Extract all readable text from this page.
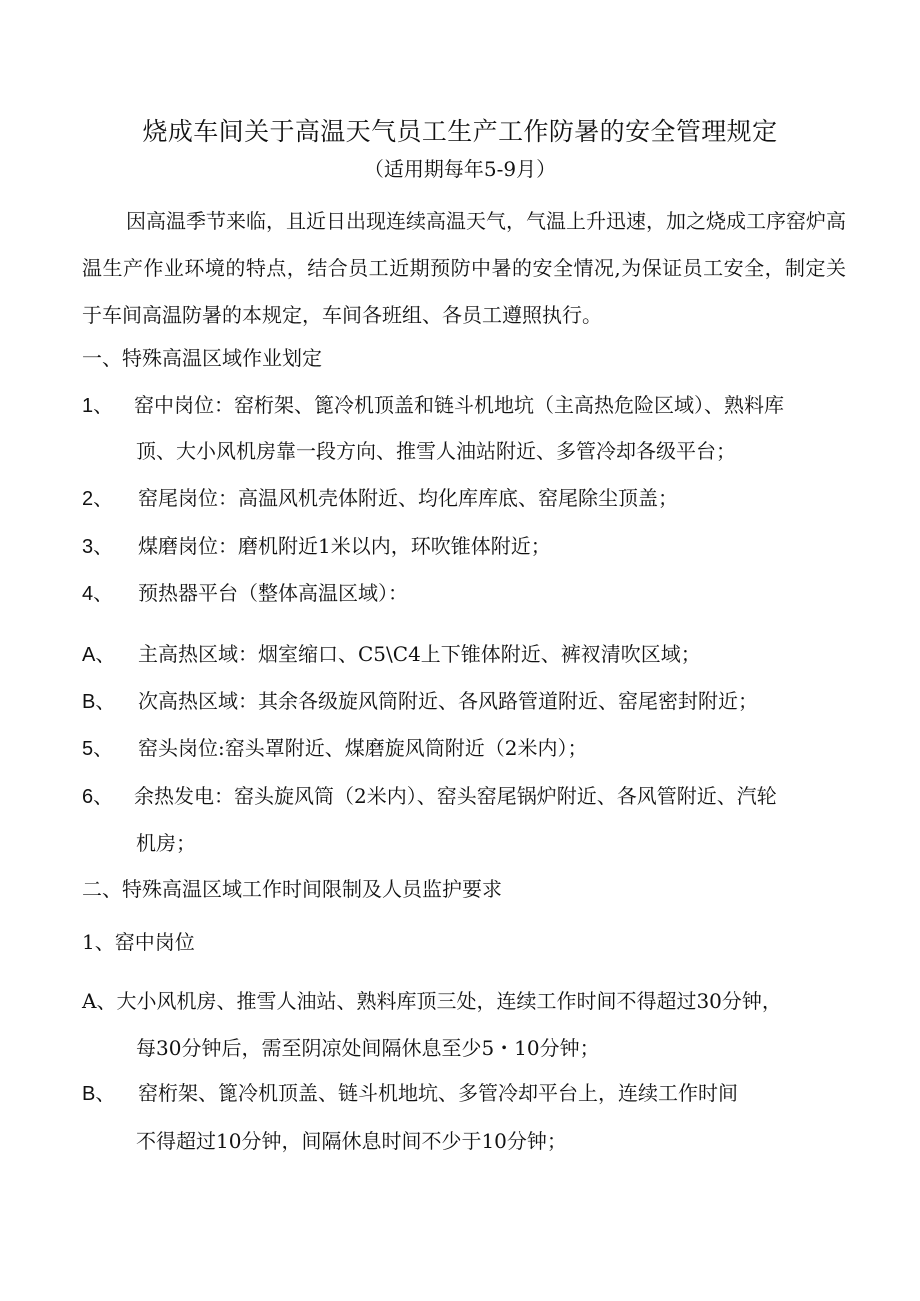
烧成车间关于高温天气员工生产工作防暑的安全管理规定
（适用期每年5-9月）
因高温季节来临，且近日出现连续高温天气，气温上升迅速，加之烧成工序窑炉高温生产作业环境的特点，结合员工近期预防中暑的安全情况,为保证员工安全，制定关于车间高温防暑的本规定，车间各班组、各员工遵照执行。
一、特殊高温区域作业划定
1、 窑中岗位：窑桁架、篦冷机顶盖和链斗机地坑（主高热危险区域）、熟料库
顶、大小风机房靠一段方向、推雪人油站附近、多管冷却各级平台；
2、 窑尾岗位：高温风机壳体附近、均化库库底、窑尾除尘顶盖；
3、 煤磨岗位：磨机附近1米以内，环吹锥体附近；
4、 预热器平台（整体高温区域）：
A、 主高热区域：烟室缩口、C5\C4上下锥体附近、裤衩清吹区域；
B、 次高热区域：其余各级旋风筒附近、各风路管道附近、窑尾密封附近；
5、 窑头岗位:窑头罩附近、煤磨旋风筒附近（2米内）；
6、 余热发电：窑头旋风筒（2米内）、窑头窑尾锅炉附近、各风管附近、汽轮
机房；
二、特殊高温区域工作时间限制及人员监护要求
1、窑中岗位
A、大小风机房、推雪人油站、熟料库顶三处，连续工作时间不得超过30分钟，
每30分钟后，需至阴凉处间隔休息至少5・10分钟；
B、 窑桁架、篦冷机顶盖、链斗机地坑、多管冷却平台上，连续工作时间
不得超过10分钟，间隔休息时间不少于10分钟；
